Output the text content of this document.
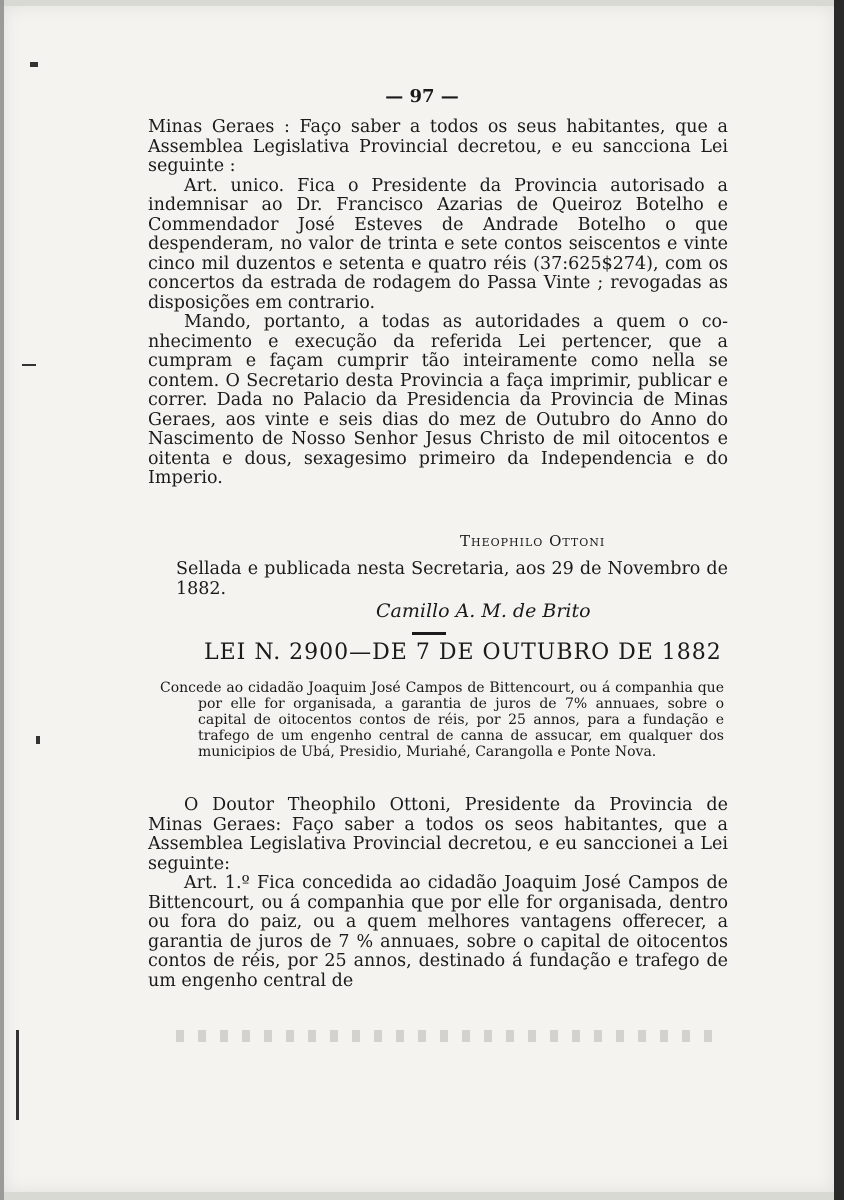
— 97 —

Minas Geraes : Faço saber a todos os seus habitantes, que a Assemblea Legislativa Provincial decretou, e eu sancciona Lei seguinte :

Art. unico. Fica o Presidente da Provincia autorisado a indemnisar ao Dr. Francisco Azarias de Queiroz Botelho e Commendador José Esteves de Andrade Botelho o que despenderam, no valor de trinta e sete contos seiscentos e vinte cinco mil duzentos e setenta e quatro réis (37:625$274), com os concertos da estrada de rodagem do Passa Vinte ; revogadas as disposições em contrario.

Mando, portanto, a todas as autoridades a quem o conhecimento e execução da referida Lei pertencer, que a cumpram e façam cumprir tão inteiramente como nella se contem. O Secretario desta Provincia a faça imprimir, publicar e correr. Dada no Palacio da Presidencia da Provincia de Minas Geraes, aos vinte e seis dias do mez de Outubro do Anno do Nascimento de Nosso Senhor Jesus Christo de mil oitocentos e oitenta e dous, sexagesimo primeiro da Independencia e do Imperio.

Theophilo Ottoni
Sellada e publicada nesta Secretaria, aos 29 de Novembro de 1882.
Camillo A. M. de Brito
LEI N. 2900—DE 7 DE OUTUBRO DE 1882

Concede ao cidadão Joaquim José Campos de Bittencourt, ou á companhia que por elle for organisada, a garantia de juros de 7% annuaes, sobre o capital de oitocentos contos de réis, por 25 annos, para a fundação e trafego de um engenho central de canna de assucar, em qualquer dos municipios de Ubá, Presidio, Muriahé, Carangolla e Ponte Nova.

O Doutor Theophilo Ottoni, Presidente da Provincia de Minas Geraes: Faço saber a todos os seos habitantes, que a Assemblea Legislativa Provincial decretou, e eu sanccionei a Lei seguinte:

Art. 1.º Fica concedida ao cidadão Joaquim José Campos de Bittencourt, ou á companhia que por elle for organisada, dentro ou fora do paiz, ou a quem melhores vantagens offerecer, a garantia de juros de 7 % annuaes, sobre o capital de oitocentos contos de réis, por 25 annos, destinado á fundação e trafego de um engenho central de
